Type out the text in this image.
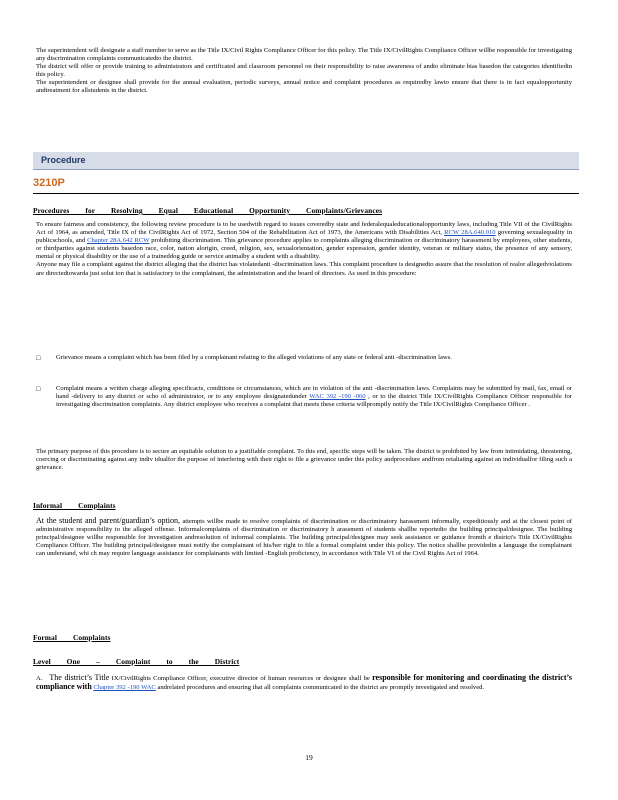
The superintendent will designate a staff member to serve as the Title IX/Civil Rights Compliance Officer for this policy. The Title IX/CivilRights Compliance Officer willbe responsible for investigating any discrimination complaints communicatedto the district.

The district will offer or provide training to administrators and certificated and classroom personnel on their responsibility to raise awareness of andto eliminate bias basedon the categories identifiedin this policy.

The superintendent or designee shall provide for the annual evaluation, periodic surveys, annual notice and complaint procedures as requiredby lawto ensure that there is in fact equalopportunity andtreatment for allstudents in the district.

Procedure
3210P
Procedures for Resolving Equal Educational Opportunity Complaints/Grievances

To ensure fairness and consistency, the following review procedure is to be usedwith regard to issues coveredby state and federalequaleducationalopportunity laws, including Title VII of the CivilRights Act of 1964, as amended, Title IX of the CivilRights Act of 1972, Section 504 of the Rehabilitation Act of 1973, the Americans with Disabilities Act, RCW 28A.640.010 governing sexualequality in publicschools, and Chapter 28A.642 RCW prohibiting discrimination. This grievance procedure applies to complaints alleging discrimination or discriminatory harassment by employees, other students, or thirdparties against students basedon race, color, nation alorigin, creed, religion, sex, sexualorientation, gender expression, gender identity, veteran or military status, the presence of any sensory, mental or physical disability or the use of a traineddog guide or service animalby a student with a disability.

Anyone may file a complaint against the district alleging that the district has violatedanti -discrimination laws. This complaint procedure is designedto assure that the resolution of realor allegedviolations are directedtowarda just solut ion that is satisfactory to the complainant, the administration and the board of directors. As used in this procedure:

□ Grievance means a complaint which has been filed by a complainant relating to the alleged violations of any state or federal anti -discrimination laws.
□ Complaint means a written charge alleging specificacts, conditions or circumstances, which are in violation of the anti -discrimination laws. Complaints may be submitted by mail, fax, email or hand -delivery to any district or scho ol administrator, or to any employee designatedunder WAC 392 -190 -060 , or to the district Title IX/CivilRights Compliance Officer responsible for investigating discrimination complaints. Any district employee who receives a complaint that meets these criteria willpromptly notify the Title IX/CivilRights Compliance Officer .
The primary purpose of this procedure is to secure an equitable solution to a justifiable complaint. To this end, specific steps will be taken. The district is prohibited by law from intimidating, threatening, coercing or discriminating against any indiv idualfor the purpose of interfering with their right to file a grievance under this policy andprocedure andfrom retaliating against an individualfor filing such a grievance.
Informal Complaints

At the student and parent/guardian’s option, attempts willbe made to resolve complaints of discrimination or discriminatory harassment informally, expeditiously and at the closest point of administrative responsibility to the alleged offense. Informalcomplaints of discrimination or discriminatory h arassment of students shallbe reportedto the building principal/designee. The building principal/designee willbe responsible for investigation andresolution of informal complaints. The building principal/designee may seek assistance or guidance fromth e district's Title IX/CivilRights Compliance Officer. The building principal/designee must notify the complainant of his/her right to file a formal complaint under this policy. The notice shallbe providedin a language the complainant can understand, whi ch may require language assistance for complainants with limited -English proficiency, in accordance with Title VI of the Civil Rights Act of 1964.

Formal Complaints
Level One – Complaint to the District

A. The district’s Title IX/CivilRights Compliance Officer, executive director of human resources or designee shall be responsible for monitoring and coordinating the district’s compliance with Chapter 392 -190 WAC andrelated procedures and ensuring that all complaints communicated to the district are promptly investigated and resolved.

19
